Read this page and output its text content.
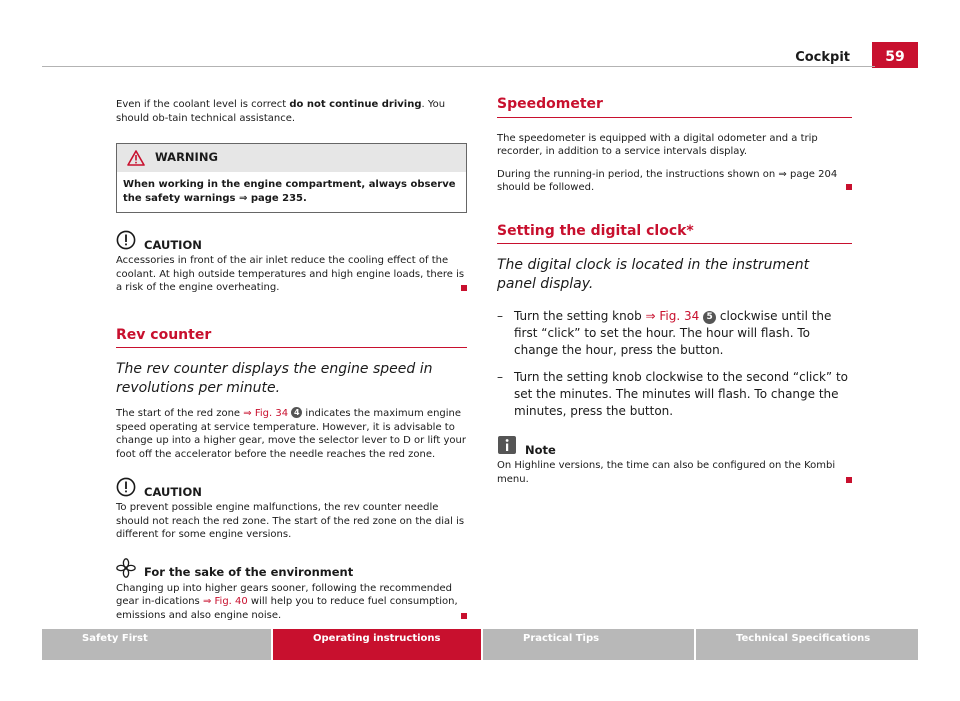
Cockpit	59

Even if the coolant level is correct do not continue driving. You should ob-tain technical assistance.

WARNING
When working in the engine compartment, always observe the safety warnings ⇒ page 235.
CAUTION

Accessories in front of the air inlet reduce the cooling effect of the coolant. At high outside temperatures and high engine loads, there is a risk of the engine overheating.

Rev counter
The rev counter displays the engine speed in revolutions per minute.

The start of the red zone ⇒ Fig. 34 4 indicates the maximum engine speed operating at service temperature. However, it is advisable to change up into a higher gear, move the selector lever to D or lift your foot off the accelerator before the needle reaches the red zone.

CAUTION

To prevent possible engine malfunctions, the rev counter needle should not reach the red zone. The start of the red zone on the dial is different for some engine versions.

For the sake of the environment

Changing up into higher gears sooner, following the recommended gear in-dications ⇒ Fig. 40 will help you to reduce fuel consumption, emissions and also engine noise.

Speedometer

The speedometer is equipped with a digital odometer and a trip recorder, in addition to a service intervals display.

During the running-in period, the instructions shown on ⇒ page 204 should be followed.

Setting the digital clock*
The digital clock is located in the instrument panel display.
– Turn the setting knob ⇒ Fig. 34 5 clockwise until the first “click” to set the hour. The hour will flash. To change the hour, press the button.
– Turn the setting knob clockwise to the second “click” to set the minutes. The minutes will flash. To change the minutes, press the button.
Note

On Highline versions, the time can also be configured on the Kombi menu.

Safety First	Operating instructions	Practical Tips	Technical Specifications
